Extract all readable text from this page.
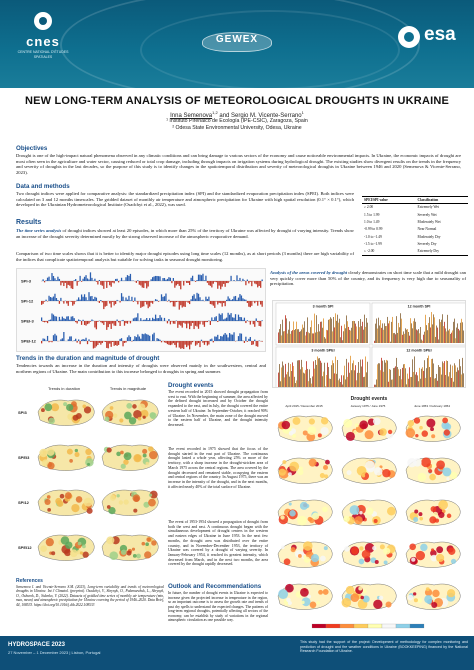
cnes
CENTRE NATIONAL D'ÉTUDES SPATIALES
GEWEX	esa
NEW LONG-TERM ANALYSIS OF METEOROLOGICAL DROUGHTS IN UKRAINE
Inna Semenova$^{1,2}$ and Sergio M. Vicente-Serrano$^1$
¹ Instituto Pirenaico de Ecología (IPE-CSIC), Zaragoza, Spain
² Odesa State Environmental University, Odesa, Ukraine
Objectives
Drought is one of the high-impact natural phenomena observed in any climatic conditions and can bring damage to various sectors of the economy and cause noticeable environmental impacts. In Ukraine, the economic impacts of drought are most often seen in the agriculture and water sector, causing reduced or total crop damage, including through impacts on irrigation systems during hydrological drought. The existing studies show divergent results on the trends in the frequency and severity of droughts in the last decades, so the purpose of this study is to identify changes in the spatiotemporal distribution and severity of meteorological droughts in Ukraine between 1946 and 2020 (Semenova & Vicente-Serrano, 2023).
Data and methods
Two drought indices were applied for comparative analysis: the standardized precipitation index (SPI) and the standardized evaporation precipitation index (SPEI). Both indices were calculated on 3 and 12 months timescales. The gridded dataset of monthly air temperature and atmospheric precipitation for Ukraine with high spatial resolution (0.1° × 0.1°), which developed in the Ukrainian Hydrometeorological Institute (Osadchyi et al., 2022), was used.
SPEI/SPI value	Classification
≥ 2.00	Extremely Wet
1.5 to 1.99	Severely Wet
1.0 to 1.49	Moderately Wet
-0.99 to 0.99	Near Normal
-1.0 to -1.49	Moderately Dry
-1.5 to -1.99	Severely Dry
≤ -2.00	Extremely Dry
Results
The time series analysis of drought indices showed at least 20 episodes, in which more than 25% of the territory of Ukraine was affected by drought of varying intensity. Trends show an increase of the drought severity determined mostly by the strong observed increase of the atmospheric evaporative demand.
Comparison of two time scales shows that it is better to identify major drought episodes using long time scales (12 months), as at short periods (3 months) there are high variability of the indices that complicate spatiotemporal analysis but suitable for solving tasks in seasonal drought monitoring.
SPI-3
SPI-12
SPEI-3
SPEI-12
Analysis of the areas covered by drought clearly demonstrates on short time scale that a mild drought can very quickly cover more than 50% of the country, and its frequency is very high due to seasonality of precipitation.
3 month SPI	12 month SPI
3 month SPEI	12 month SPEI
Trends in the duration and magnitude of drought
Tendencies towards an increase in the duration and intensity of droughts were observed mainly in the southwestern, central and northern regions of Ukraine. The main contribution to this increase belonged to droughts in spring and summer.
Trends in duration	Trends in magnitude
SPI3
SPEI3
SPI12
SPEI12
Drought events
The event recorded in 2015 showed drought propagation from west to east. With the beginning of summer, the area affected by the defined drought increased and by October the drought expanded to the east, and in July, the drought covered the entire western half of Ukraine. In September-October, it reached 90% of Ukraine. In November, the main zone of the drought moved to the eastern half of Ukraine, and the drought intensity decreased.
The event recorded in 1975 showed that the focus of the drought started in the east part of Ukraine. The continuous drought lasted a whole year, affecting 25% or more of the territory, with a sharp increase in the drought-stricken area of March 1975 across the central regions. The area covered by the drought decreased and remained stable, occupying the eastern and central regions of the country. In August 1975, there was an increase in the intensity of the drought, and in the next months, it affected nearly 40% of the total surface of Ukraine.
The event of 1953-1954 showed a propagation of drought from both the west and east. A continuous drought began with the simultaneous development of drought centers in the western and eastern edges of Ukraine in June 1953. In the next few months, the drought area was distributed over the entire country, and in November-December 1953, the territory of Ukraine was covered by a drought of varying severity. In January-February 1954, it reached its greatest intensity, which decreased from March, and in the next two months, the area covered by the drought rapidly decreased.
Drought events
April 2015 / December 2015	January 1975 / June 1975	June 1953 / February 1954
Outlook and Recommendations
In future, the number of drought events in Ukraine is expected to increase given the projected increase in temperature in the region, so an important outcome is to assess the growth rate and trends of past dry spells to understand the expected changes. The patterns of long-term regional droughts, potentially affecting all sectors of the economy, can be establish by study of variations in the regional atmospheric circulation as one possible way.
References
Semenova I. and Vicente-Serrano S.M. (2023), Long-term variability and trends of meteorological droughts in Ukraine. Int J Climatol. (preprint). Osadchyi, V., Skrynyk, O., Palamarchuk, L., Skrynyk, O., Oshurok, D., Sidenko, V. (2022). Datasets of gridded time series of monthly air temperature (min, max, mean) and atmospheric precipitation for Ukraine covering the period of 1946–2020. Data Brief, 44, 108533. https://doi.org/10.1016/j.dib.2022.108533
HYDROSPACE 2023
27 November – 1 December 2023 | Lisbon, Portugal
This study had the support of the project: Development of methodology for complex monitoring and prediction of drought and fire weather conditions in Ukraine (BOOKKEEPING) financed by the National Research Foundation of Ukraine.
